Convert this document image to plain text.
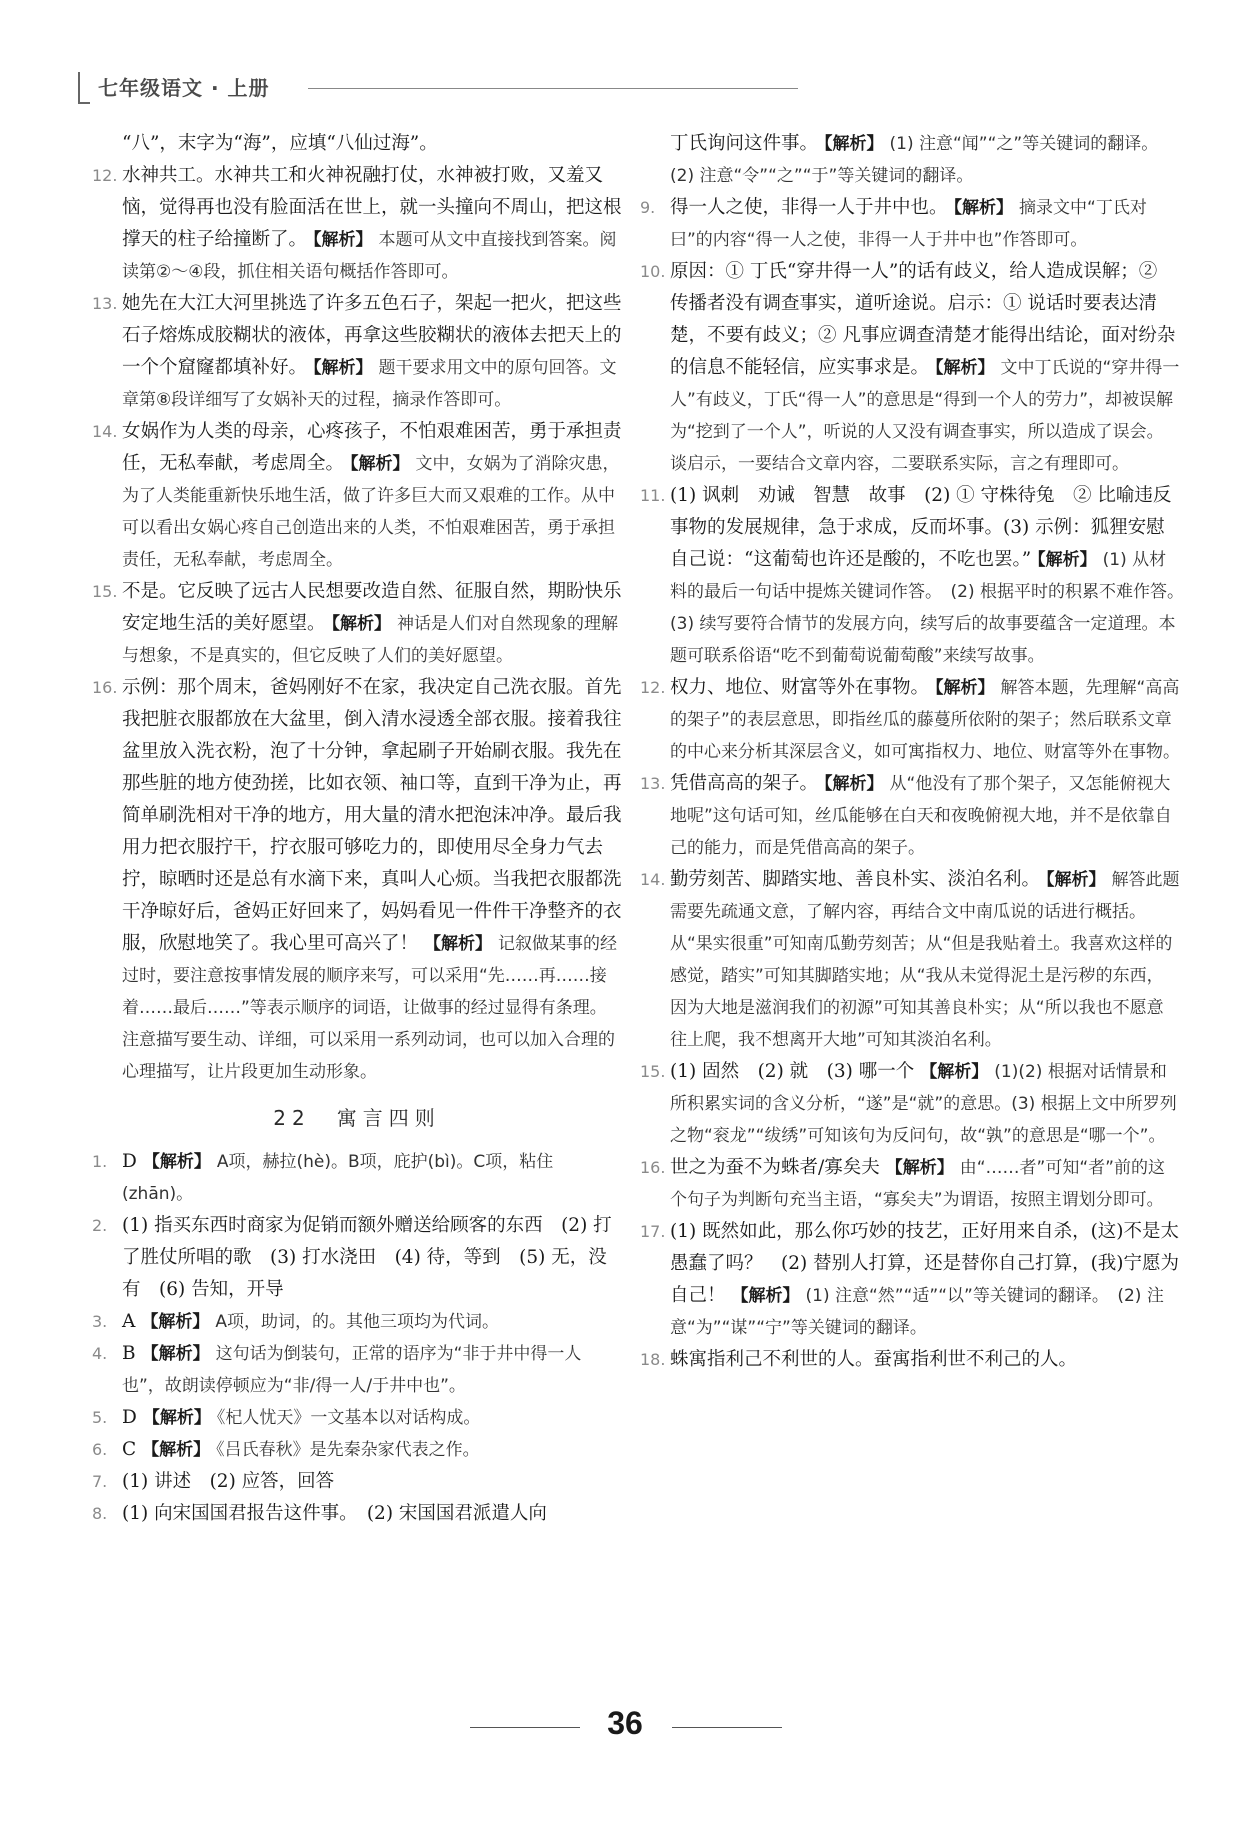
七年级语文 · 上册

“八”，末字为“海”，应填“八仙过海”。

12. 水神共工。水神共工和火神祝融打仗，水神被打败，又羞又恼，觉得再也没有脸面活在世上，就一头撞向不周山，把这根撑天的柱子给撞断了。 【解析】 本题可从文中直接找到答案。阅读第②～④段，抓住相关语句概括作答即可。

13. 她先在大江大河里挑选了许多五色石子，架起一把火，把这些石子熔炼成胶糊状的液体，再拿这些胶糊状的液体去把天上的一个个窟窿都填补好。 【解析】 题干要求用文中的原句回答。文章第⑧段详细写了女娲补天的过程，摘录作答即可。

14. 女娲作为人类的母亲，心疼孩子，不怕艰难困苦，勇于承担责任，无私奉献，考虑周全。 【解析】 文中，女娲为了消除灾患，为了人类能重新快乐地生活，做了许多巨大而又艰难的工作。从中可以看出女娲心疼自己创造出来的人类，不怕艰难困苦，勇于承担责任，无私奉献，考虑周全。

15. 不是。它反映了远古人民想要改造自然、征服自然，期盼快乐安定地生活的美好愿望。 【解析】 神话是人们对自然现象的理解与想象，不是真实的，但它反映了人们的美好愿望。

16. 示例：那个周末，爸妈刚好不在家，我决定自己洗衣服。首先我把脏衣服都放在大盆里，倒入清水浸透全部衣服。接着我往盆里放入洗衣粉，泡了十分钟，拿起刷子开始刷衣服。我先在那些脏的地方使劲搓，比如衣领、袖口等，直到干净为止，再简单刷洗相对干净的地方，用大量的清水把泡沫冲净。最后我用力把衣服拧干，拧衣服可够吃力的，即使用尽全身力气去拧，晾晒时还是总有水滴下来，真叫人心烦。当我把衣服都洗干净晾好后，爸妈正好回来了，妈妈看见一件件干净整齐的衣服，欣慰地笑了。我心里可高兴了！ 【解析】 记叙做某事的经过时，要注意按事情发展的顺序来写，可以采用“先……再……接着……最后……”等表示顺序的词语，让做事的经过显得有条理。注意描写要生动、详细，可以采用一系列动词，也可以加入合理的心理描写，让片段更加生动形象。

22　寓言四则

1. D 【解析】 A项，赫拉(hè)。B项，庇护(bì)。C项，粘住(zhān)。

2. (1) 指买东西时商家为促销而额外赠送给顾客的东西　(2) 打了胜仗所唱的歌　(3) 打水浇田　(4) 待，等到　(5) 无，没有　(6) 告知，开导

3. A 【解析】 A项，助词，的。其他三项均为代词。

4. B 【解析】 这句话为倒装句，正常的语序为“非于井中得一人也”，故朗读停顿应为“非/得一人/于井中也”。

5. D 【解析】 《杞人忧天》一文基本以对话构成。

6. C 【解析】 《吕氏春秋》是先秦杂家代表之作。

7. (1) 讲述　(2) 应答，回答

8. (1) 向宋国国君报告这件事。　(2) 宋国国君派遣人向

丁氏询问这件事。 【解析】 (1) 注意“闻”“之”等关键词的翻译。　(2) 注意“令”“之”“于”等关键词的翻译。

9. 得一人之使，非得一人于井中也。 【解析】 摘录文中“丁氏对曰”的内容“得一人之使，非得一人于井中也”作答即可。

10. 原因：① 丁氏“穿井得一人”的话有歧义，给人造成误解；② 传播者没有调查事实，道听途说。启示：① 说话时要表达清楚，不要有歧义；② 凡事应调查清楚才能得出结论，面对纷杂的信息不能轻信，应实事求是。 【解析】 文中丁氏说的“穿井得一人”有歧义，丁氏“得一人”的意思是“得到一个人的劳力”，却被误解为“挖到了一个人”，听说的人又没有调查事实，所以造成了误会。谈启示，一要结合文章内容，二要联系实际，言之有理即可。

11. (1) 讽刺　劝诫　智慧　故事　(2) ① 守株待兔　② 比喻违反事物的发展规律，急于求成，反而坏事。(3) 示例：狐狸安慰自己说：“这葡萄也许还是酸的，不吃也罢。” 【解析】 (1) 从材料的最后一句话中提炼关键词作答。　(2) 根据平时的积累不难作答。　(3) 续写要符合情节的发展方向，续写后的故事要蕴含一定道理。本题可联系俗语“吃不到葡萄说葡萄酸”来续写故事。

12. 权力、地位、财富等外在事物。 【解析】 解答本题，先理解“高高的架子”的表层意思，即指丝瓜的藤蔓所依附的架子；然后联系文章的中心来分析其深层含义，如可寓指权力、地位、财富等外在事物。

13. 凭借高高的架子。 【解析】 从“他没有了那个架子，又怎能俯视大地呢”这句话可知，丝瓜能够在白天和夜晚俯视大地，并不是依靠自己的能力，而是凭借高高的架子。

14. 勤劳刻苦、脚踏实地、善良朴实、淡泊名利。 【解析】 解答此题需要先疏通文意，了解内容，再结合文中南瓜说的话进行概括。从“果实很重”可知南瓜勤劳刻苦；从“但是我贴着土。我喜欢这样的感觉，踏实”可知其脚踏实地；从“我从未觉得泥土是污秽的东西，因为大地是滋润我们的初源”可知其善良朴实；从“所以我也不愿意往上爬，我不想离开大地”可知其淡泊名利。

15. (1) 固然　(2) 就　(3) 哪一个 【解析】 (1)(2) 根据对话情景和所积累实词的含义分析，“遂”是“就”的意思。(3) 根据上文中所罗列之物“衮龙”“绂绣”可知该句为反问句，故“孰”的意思是“哪一个”。

16. 世之为蚕不为蛛者/寡矣夫 【解析】 由“……者”可知“者”前的这个句子为判断句充当主语，“寡矣夫”为谓语，按照主谓划分即可。

17. (1) 既然如此，那么你巧妙的技艺，正好用来自杀，(这)不是太愚蠢了吗？　(2) 替别人打算，还是替你自己打算，(我)宁愿为自己！ 【解析】 (1) 注意“然”“适”“以”等关键词的翻译。　(2) 注意“为”“谋”“宁”等关键词的翻译。

18. 蛛寓指利己不利世的人。蚕寓指利世不利己的人。

36
